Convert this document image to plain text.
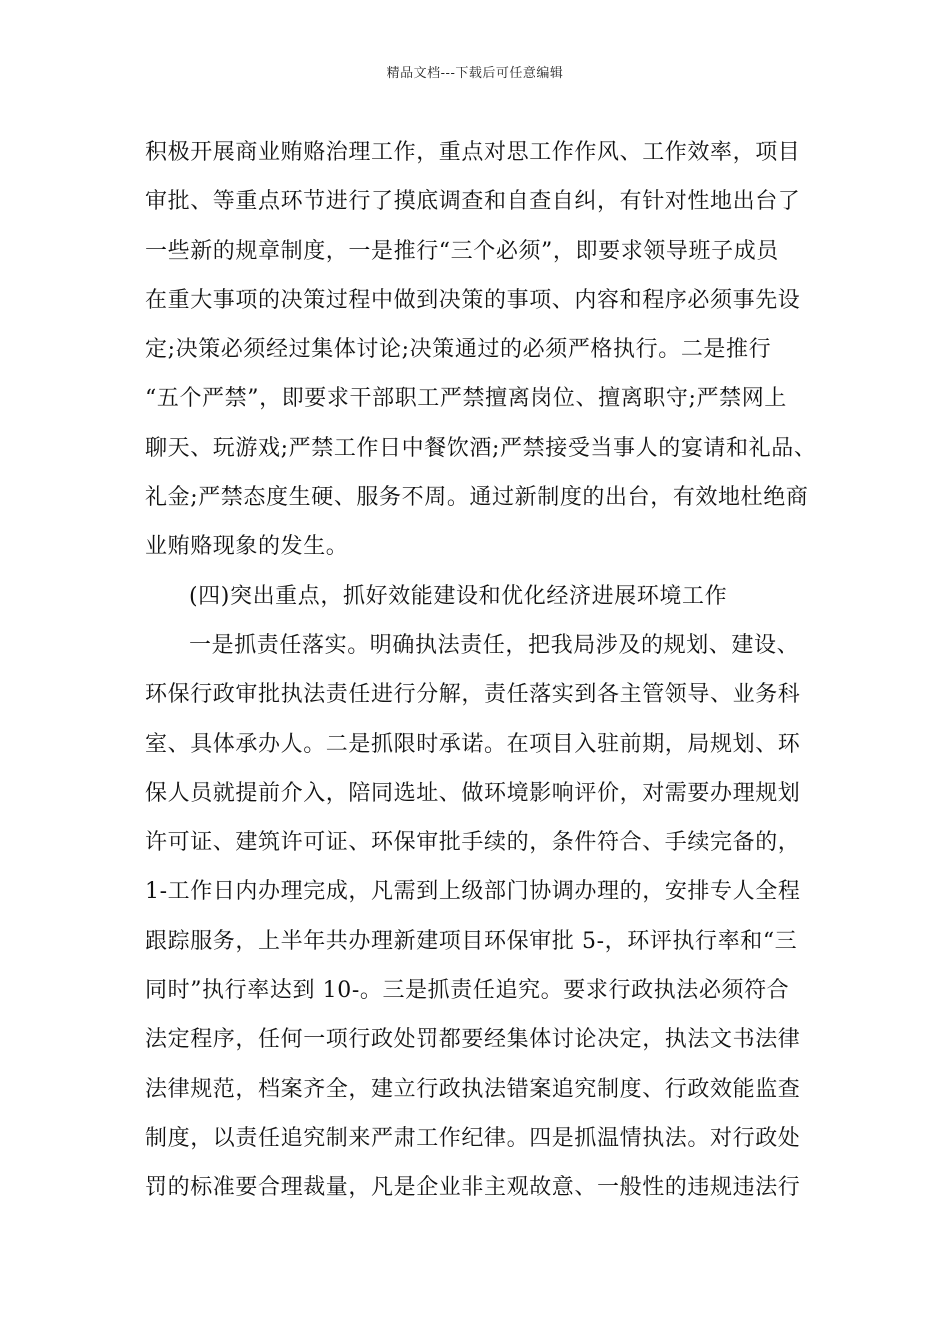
精品文档---下载后可任意编辑
积极开展商业贿赂治理工作，重点对思工作作风、工作效率，项目
审批、等重点环节进行了摸底调查和自查自纠，有针对性地出台了
一些新的规章制度，一是推行“三个必须”，即要求领导班子成员
在重大事项的决策过程中做到决策的事项、内容和程序必须事先设
定;决策必须经过集体讨论;决策通过的必须严格执行。二是推行
“五个严禁”，即要求干部职工严禁擅离岗位、擅离职守;严禁网上
聊天、玩游戏;严禁工作日中餐饮酒;严禁接受当事人的宴请和礼品、
礼金;严禁态度生硬、服务不周。通过新制度的出台，有效地杜绝商
业贿赂现象的发生。
(四)突出重点，抓好效能建设和优化经济进展环境工作
一是抓责任落实。明确执法责任，把我局涉及的规划、建设、
环保行政审批执法责任进行分解，责任落实到各主管领导、业务科
室、具体承办人。二是抓限时承诺。在项目入驻前期，局规划、环
保人员就提前介入，陪同选址、做环境影响评价，对需要办理规划
许可证、建筑许可证、环保审批手续的，条件符合、手续完备的，
1-工作日内办理完成，凡需到上级部门协调办理的，安排专人全程
跟踪服务，上半年共办理新建项目环保审批 5-，环评执行率和“三
同时”执行率达到 10-。三是抓责任追究。要求行政执法必须符合
法定程序，任何一项行政处罚都要经集体讨论决定，执法文书法律
法律规范，档案齐全，建立行政执法错案追究制度、行政效能监查
制度，以责任追究制来严肃工作纪律。四是抓温情执法。对行政处
罚的标准要合理裁量，凡是企业非主观故意、一般性的违规违法行
